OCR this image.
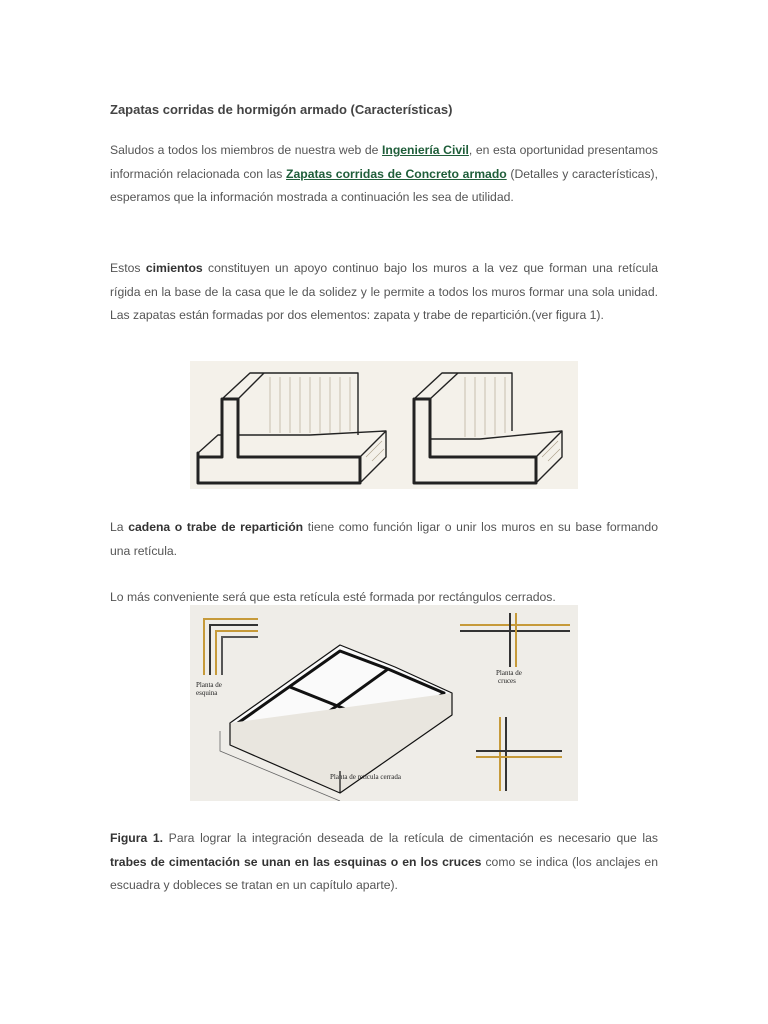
Zapatas corridas de hormigón armado (Características)

Saludos a todos los miembros de nuestra web de Ingeniería Civil, en esta oportunidad presentamos información relacionada con las Zapatas corridas de Concreto armado (Detalles y características), esperamos que la información mostrada a continuación les sea de utilidad.

Estos cimientos constituyen un apoyo continuo bajo los muros a la vez que forman una retícula rígida en la base de la casa que le da solidez y le permite a todos los muros formar una sola unidad. Las zapatas están formadas por dos elementos: zapata y trabe de repartición.(ver figura 1).

La cadena o trabe de repartición tiene como función ligar o unir los muros en su base formando una retícula.

Lo más conveniente será que esta retícula esté formada por rectángulos cerrados.

Figura 1. Para lograr la integración deseada de la retícula de cimentación es necesario que las trabes de cimentación se unan en las esquinas o en los cruces como se indica (los anclajes en escuadra y dobleces se tratan en un capítulo aparte).

Planta de
esquina
Planta de
cruces
Planta de retícula cerrada
